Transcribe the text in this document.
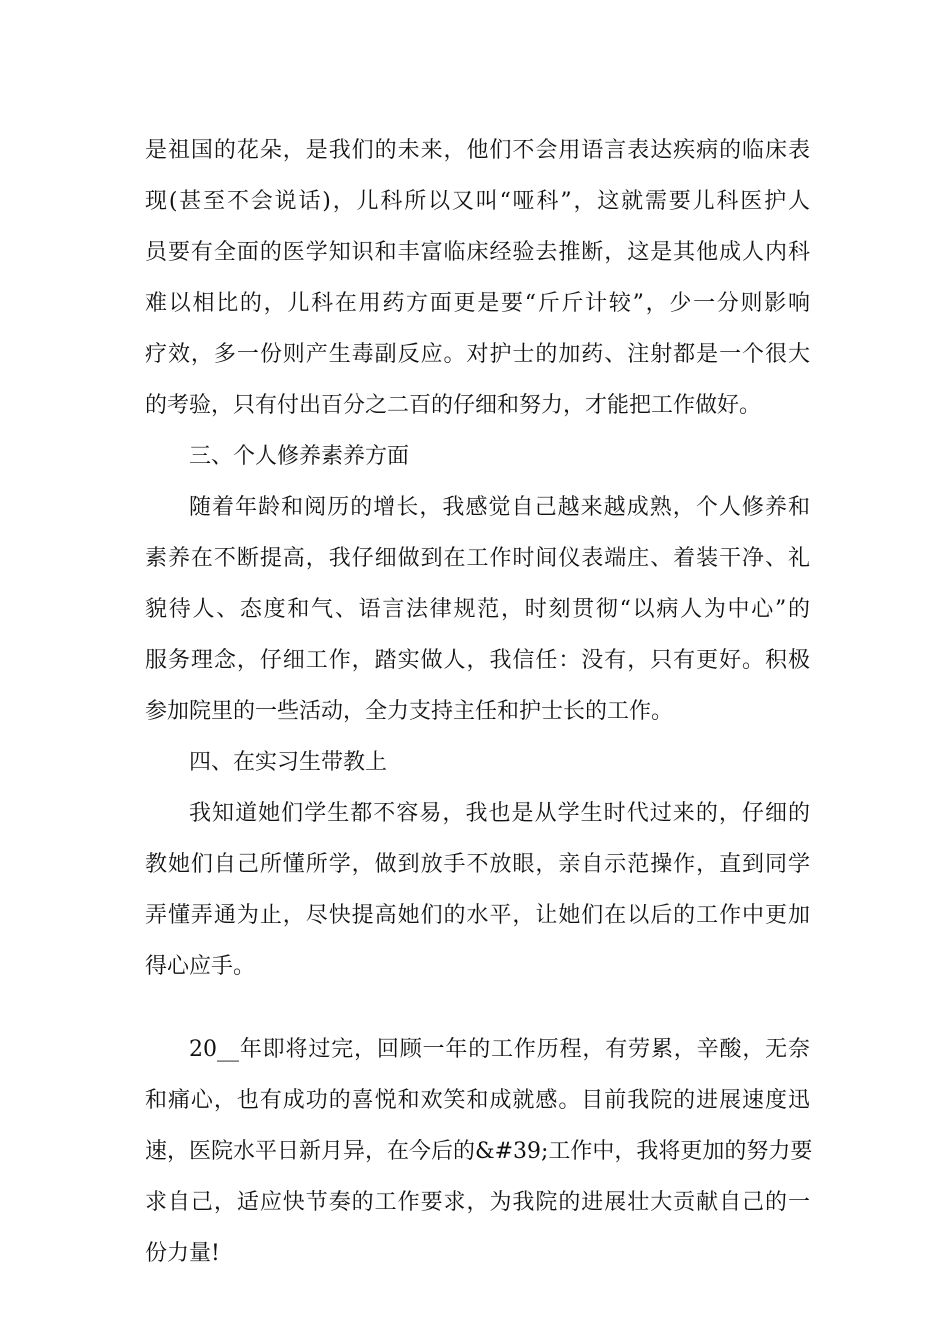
是祖国的花朵，是我们的未来，他们不会用语言表达疾病的临床表
现(甚至不会说话)，儿科所以又叫“哑科”，这就需要儿科医护人
员要有全面的医学知识和丰富临床经验去推断，这是其他成人内科
难以相比的，儿科在用药方面更是要“斤斤计较”，少一分则影响
疗效，多一份则产生毒副反应。对护士的加药、注射都是一个很大
的考验，只有付出百分之二百的仔细和努力，才能把工作做好。
三、个人修养素养方面
随着年龄和阅历的增长，我感觉自己越来越成熟，个人修养和
素养在不断提高，我仔细做到在工作时间仪表端庄、着装干净、礼
貌待人、态度和气、语言法律规范，时刻贯彻“以病人为中心”的
服务理念，仔细工作，踏实做人，我信任：没有，只有更好。积极
参加院里的一些活动，全力支持主任和护士长的工作。
四、在实习生带教上
我知道她们学生都不容易，我也是从学生时代过来的，仔细的
教她们自己所懂所学，做到放手不放眼，亲自示范操作，直到同学
弄懂弄通为止，尽快提高她们的水平，让她们在以后的工作中更加
得心应手。
20__年即将过完，回顾一年的工作历程，有劳累，辛酸，无奈
和痛心，也有成功的喜悦和欢笑和成就感。目前我院的进展速度迅
速，医院水平日新月异，在今后的&#39;工作中，我将更加的努力要
求自己，适应快节奏的工作要求，为我院的进展壮大贡献自己的一
份力量!
